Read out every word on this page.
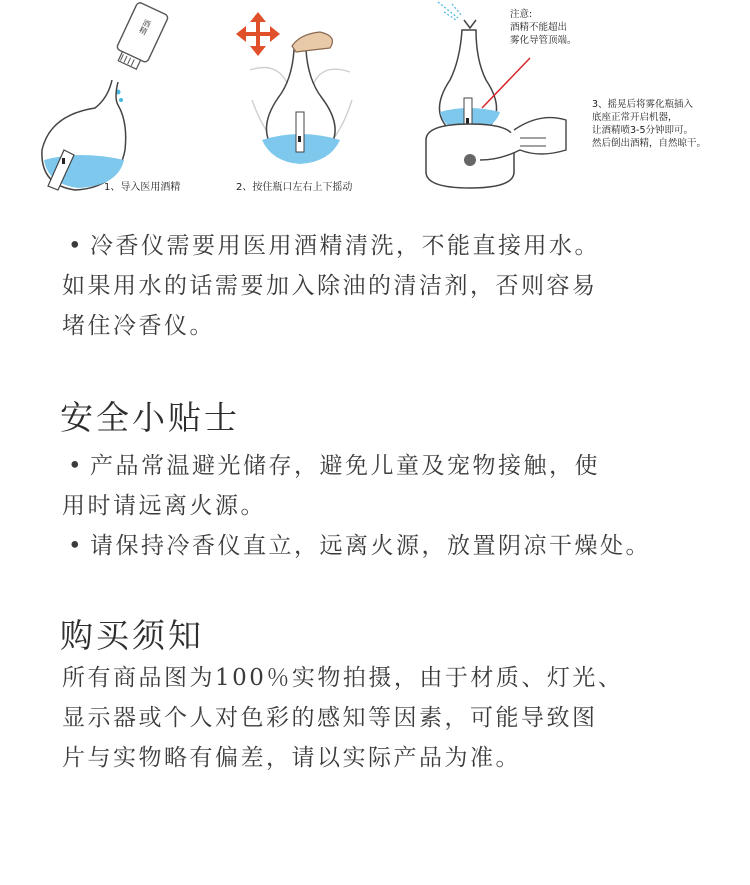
酒精
1、导入医用酒精	2、按住瓶口左右上下摇动
注意:
酒精不能超出
雾化导管顶端。
3、摇晃后将雾化瓶插入
底座正常开启机器，
让酒精喷3-5分钟即可。
然后倒出酒精，自然晾干。

• 冷香仪需要用医用酒精清洗，不能直接用水。

如果用水的话需要加入除油的清洁剂，否则容易

堵住冷香仪。

安全小贴士

• 产品常温避光储存，避免儿童及宠物接触，使

用时请远离火源。

• 请保持冷香仪直立，远离火源，放置阴凉干燥处。

购买须知

所有商品图为100％实物拍摄，由于材质、灯光、

显示器或个人对色彩的感知等因素，可能导致图

片与实物略有偏差，请以实际产品为准。
